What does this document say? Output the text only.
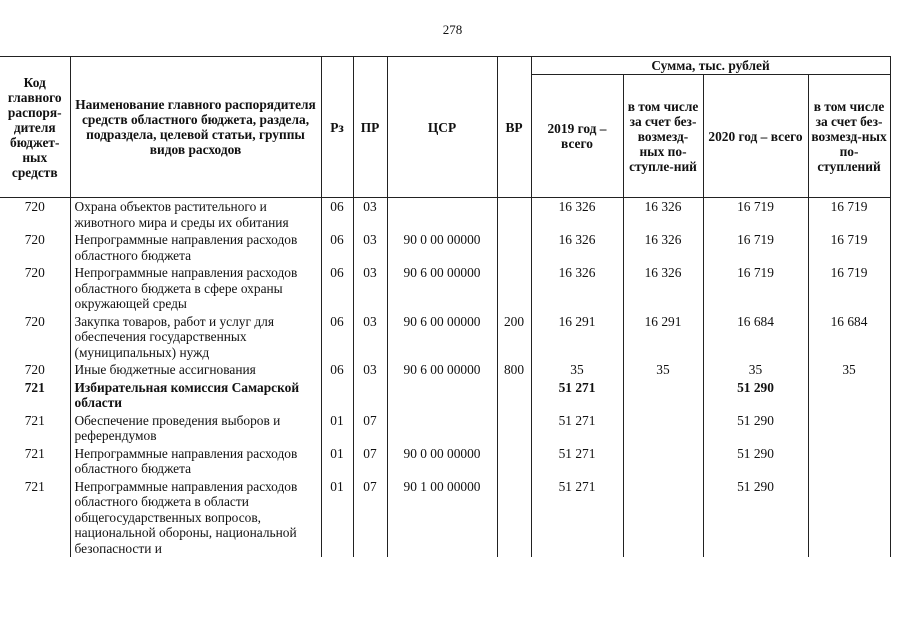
278
Код главного распоря-дителя бюджет-ных средств	Наименование главного распорядителя средств областного бюджета, раздела, подраздела, целевой статьи, группы видов расходов	Рз	ПР	ЦСР	ВР	Сумма, тыс. рублей			
						2019 год – всего	в том числе за счет без-возмезд-ных по-ступле-ний	2020 год – всего	в том числе за счет без-возмезд-ных по-ступлений
720	Охрана объектов растительного и животного мира и среды их обитания	06	03			16 326	16 326	16 719	16 719
720	Непрограммные направления расходов областного бюджета	06	03	90 0 00 00000		16 326	16 326	16 719	16 719
720	Непрограммные направления расходов областного бюджета в сфере охраны окружающей среды	06	03	90 6 00 00000		16 326	16 326	16 719	16 719
720	Закупка товаров, работ и услуг для обеспечения государственных (муниципальных) нужд	06	03	90 6 00 00000	200	16 291	16 291	16 684	16 684
720	Иные бюджетные ассигнования	06	03	90 6 00 00000	800	35	35	35	35
721	Избирательная комиссия Самарской области					51 271		51 290	
721	Обеспечение проведения выборов и референдумов	01	07			51 271		51 290	
721	Непрограммные направления расходов областного бюджета	01	07	90 0 00 00000		51 271		51 290	
721	Непрограммные направления расходов областного бюджета в области общегосударственных вопросов, национальной обороны, национальной безопасности и	01	07	90 1 00 00000		51 271		51 290	
